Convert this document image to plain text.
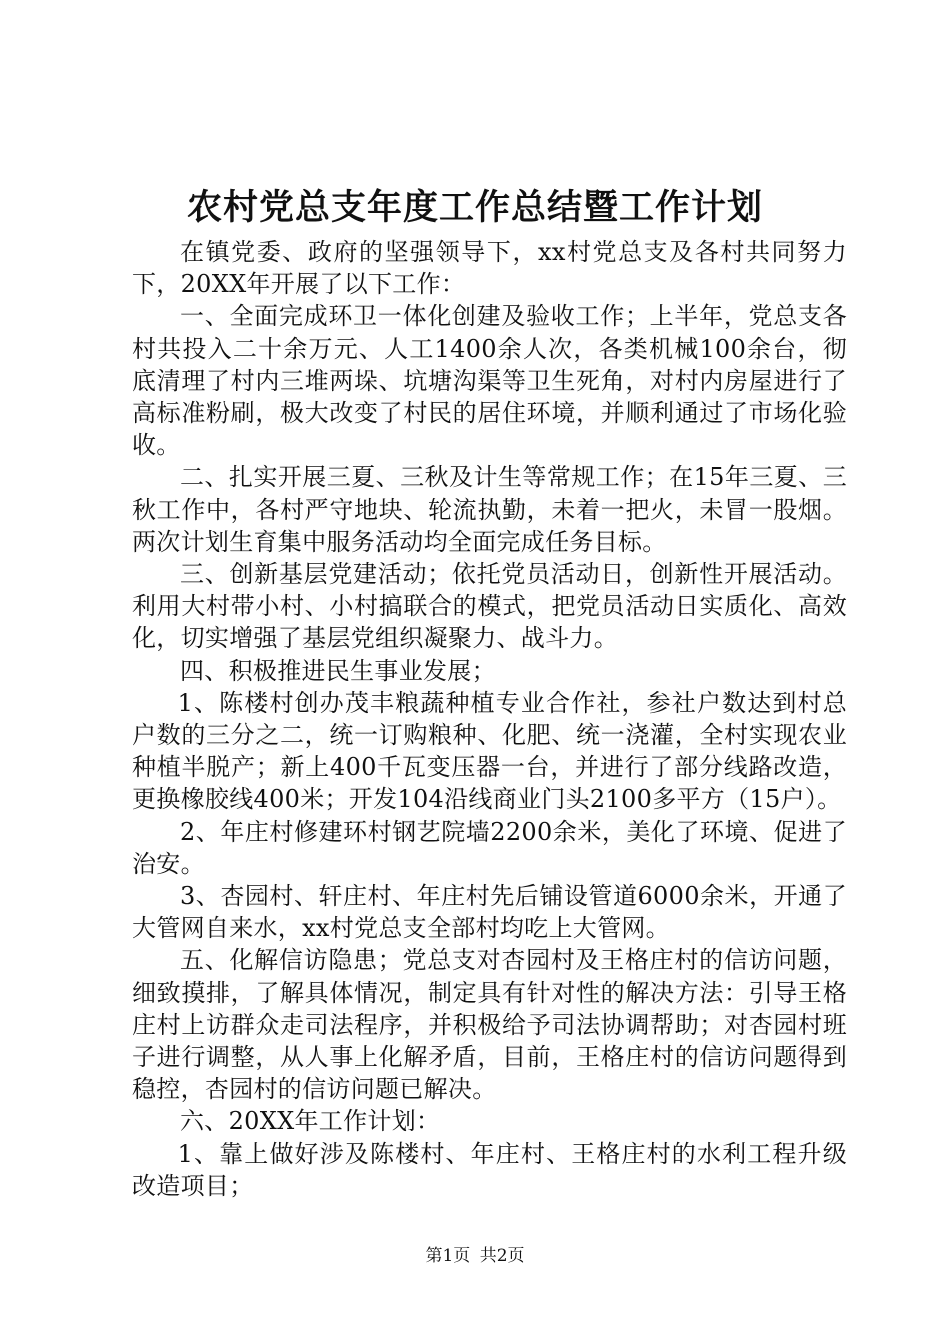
农村党总支年度工作总结暨工作计划

在镇党委、政府的坚强领导下，xx村党总支及各村共同努力下，20XX年开展了以下工作：

一、全面完成环卫一体化创建及验收工作；上半年，党总支各村共投入二十余万元、人工1400余人次，各类机械100余台，彻底清理了村内三堆两垛、坑塘沟渠等卫生死角，对村内房屋进行了高标准粉刷，极大改变了村民的居住环境，并顺利通过了市场化验收。

二、扎实开展三夏、三秋及计生等常规工作；在15年三夏、三秋工作中，各村严守地块、轮流执勤，未着一把火，未冒一股烟。两次计划生育集中服务活动均全面完成任务目标。

三、创新基层党建活动；依托党员活动日，创新性开展活动。利用大村带小村、小村搞联合的模式，把党员活动日实质化、高效化，切实增强了基层党组织凝聚力、战斗力。

四、积极推进民生事业发展；

1、陈楼村创办茂丰粮蔬种植专业合作社，参社户数达到村总户数的三分之二，统一订购粮种、化肥、统一浇灌，全村实现农业种植半脱产；新上400千瓦变压器一台，并进行了部分线路改造，更换橡胶线400米；开发104沿线商业门头2100多平方（15户）。

2、年庄村修建环村钢艺院墙2200余米，美化了环境、促进了治安。

3、杏园村、轩庄村、年庄村先后铺设管道6000余米，开通了大管网自来水，xx村党总支全部村均吃上大管网。

五、化解信访隐患；党总支对杏园村及王格庄村的信访问题，细致摸排，了解具体情况，制定具有针对性的解决方法：引导王格庄村上访群众走司法程序，并积极给予司法协调帮助；对杏园村班子进行调整，从人事上化解矛盾，目前，王格庄村的信访问题得到稳控，杏园村的信访问题已解决。

六、20XX年工作计划：

1、靠上做好涉及陈楼村、年庄村、王格庄村的水利工程升级改造项目；

第1页 共2页
